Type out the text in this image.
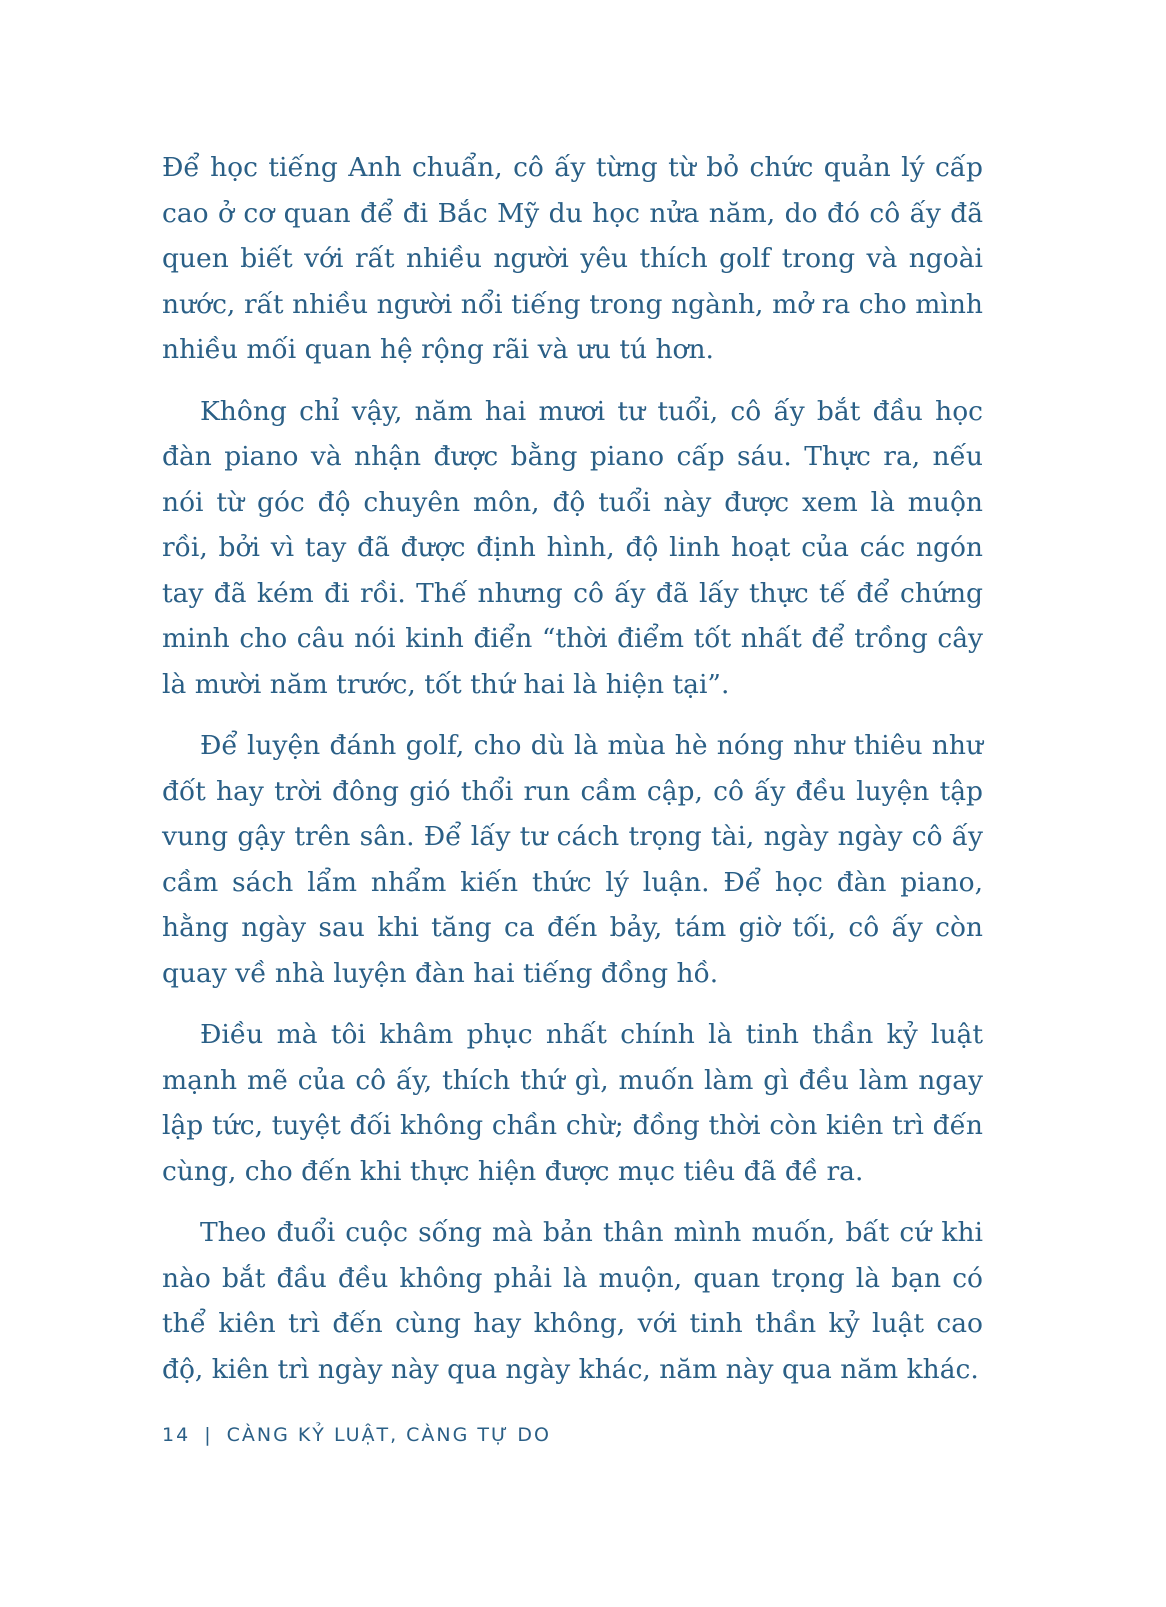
Để học tiếng Anh chuẩn, cô ấy từng từ bỏ chức quản lý cấp cao ở cơ quan để đi Bắc Mỹ du học nửa năm, do đó cô ấy đã quen biết với rất nhiều người yêu thích golf trong và ngoài nước, rất nhiều người nổi tiếng trong ngành, mở ra cho mình nhiều mối quan hệ rộng rãi và ưu tú hơn.

Không chỉ vậy, năm hai mươi tư tuổi, cô ấy bắt đầu học đàn piano và nhận được bằng piano cấp sáu. Thực ra, nếu nói từ góc độ chuyên môn, độ tuổi này được xem là muộn rồi, bởi vì tay đã được định hình, độ linh hoạt của các ngón tay đã kém đi rồi. Thế nhưng cô ấy đã lấy thực tế để chứng minh cho câu nói kinh điển “thời điểm tốt nhất để trồng cây là mười năm trước, tốt thứ hai là hiện tại”.

Để luyện đánh golf, cho dù là mùa hè nóng như thiêu như đốt hay trời đông gió thổi run cầm cập, cô ấy đều luyện tập vung gậy trên sân. Để lấy tư cách trọng tài, ngày ngày cô ấy cầm sách lẩm nhẩm kiến thức lý luận. Để học đàn piano, hằng ngày sau khi tăng ca đến bảy, tám giờ tối, cô ấy còn quay về nhà luyện đàn hai tiếng đồng hồ.

Điều mà tôi khâm phục nhất chính là tinh thần kỷ luật mạnh mẽ của cô ấy, thích thứ gì, muốn làm gì đều làm ngay lập tức, tuyệt đối không chần chừ; đồng thời còn kiên trì đến cùng, cho đến khi thực hiện được mục tiêu đã đề ra.

Theo đuổi cuộc sống mà bản thân mình muốn, bất cứ khi nào bắt đầu đều không phải là muộn, quan trọng là bạn có thể kiên trì đến cùng hay không, với tinh thần kỷ luật cao độ, kiên trì ngày này qua ngày khác, năm này qua năm khác.

14 | CÀNG KỶ LUẬT, CÀNG TỰ DO
